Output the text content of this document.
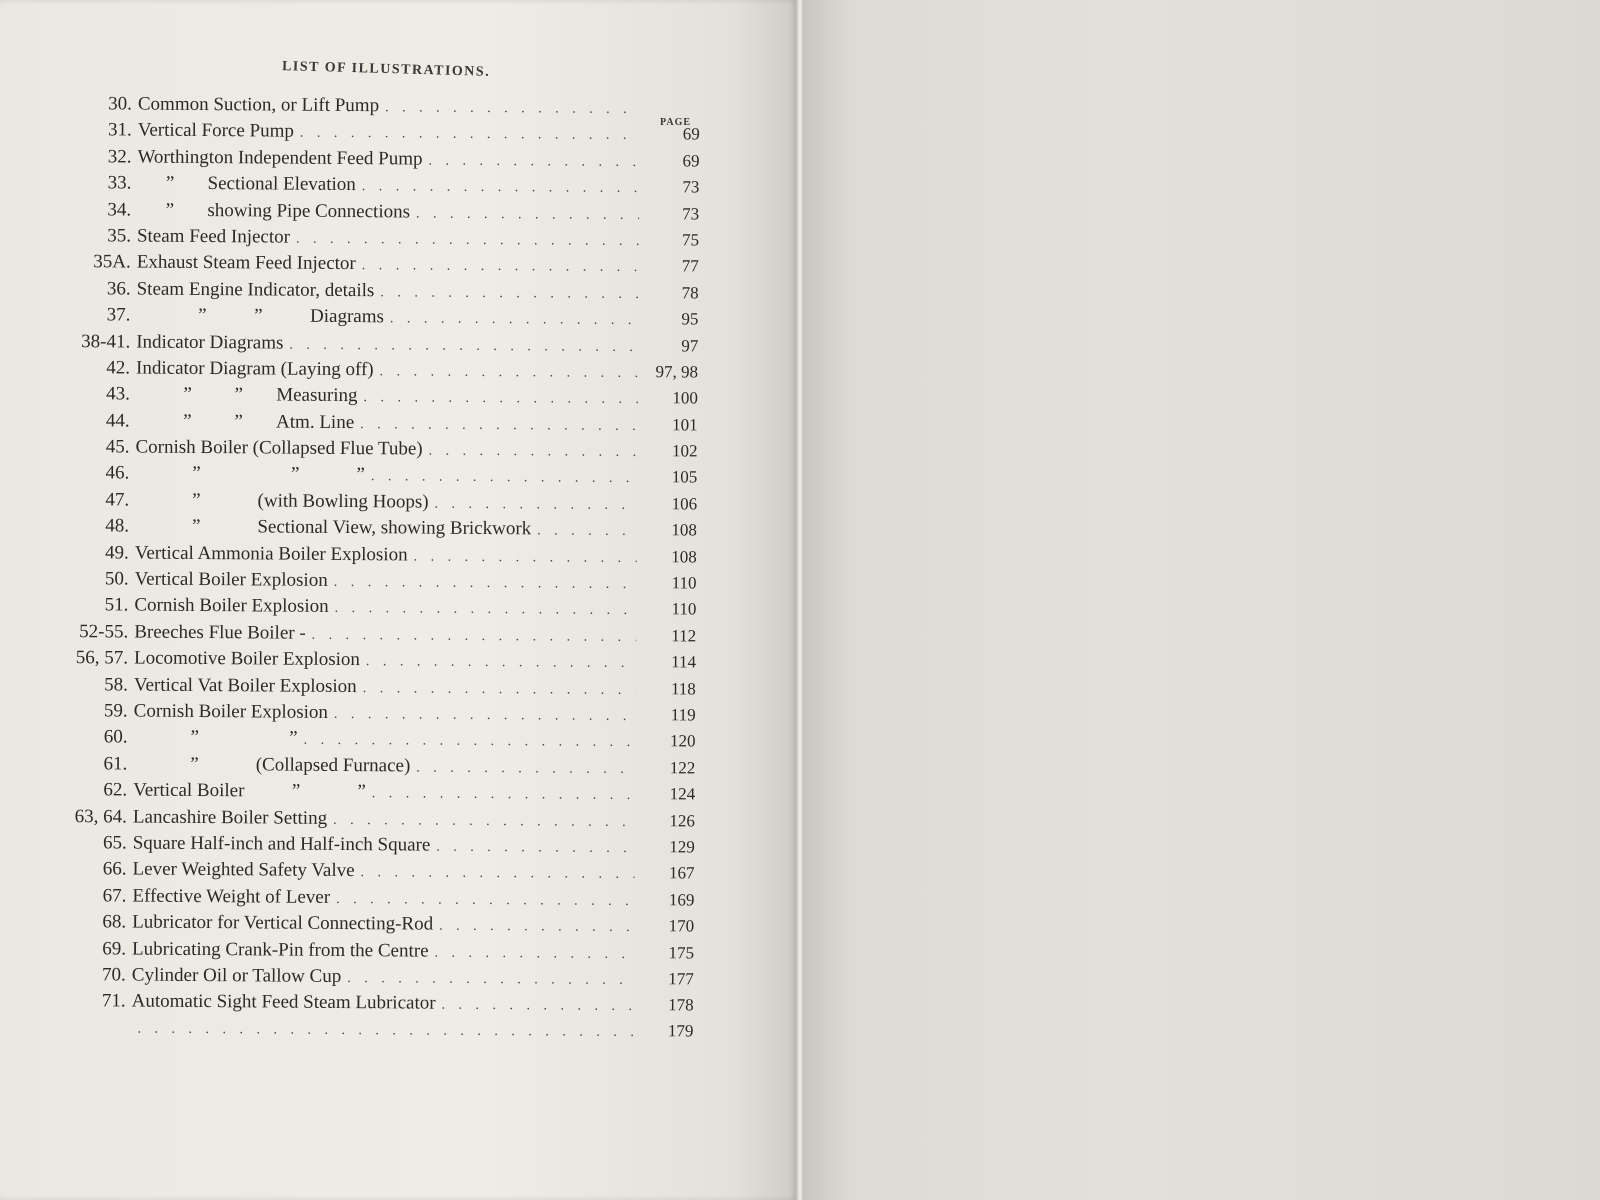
LIST OF ILLUSTRATIONS.
PAGE
30. Common Suction, or Lift Pump
. . .
31. Vertical Force Pump . . .	69
32. Worthington Independent Feed Pump . . .	69
33. ”       Sectional Elevation . . .	73
34. ”       showing Pipe Connections . . .	73
35. Steam Feed Injector . . .	75
35A. Exhaust Steam Feed Injector . . .	77
36. Steam Engine Indicator, details . . .	78
37. ”          ”          Diagrams . . .	95
38-41. Indicator Diagrams . . .	97
42. Indicator Diagram (Laying off) . . .	97, 98
43. ”         ”       Measuring . . .	100
44. ”         ”       Atm. Line . . .	101
45. Cornish Boiler (Collapsed Flue Tube) . . .	102
46. ”                   ”            ” . . .	105
47. ”            (with Bowling Hoops) . . .	106
48. ”            Sectional View, showing Brickwork . . .	108
49. Vertical Ammonia Boiler Explosion . . .	108
50. Vertical Boiler Explosion . . .	110
51. Cornish Boiler Explosion . . .	110
52-55. Breeches Flue Boiler - . . .	112
56, 57. Locomotive Boiler Explosion . . .	114
58. Vertical Vat Boiler Explosion . . .	118
59. Cornish Boiler Explosion . . .	119
60. ”                   ” . . .	120
61. ”            (Collapsed Furnace) . . .	122
62. Vertical Boiler          ”            ” . . .	124
63, 64. Lancashire Boiler Setting . . .	126
65. Square Half-inch and Half-inch Square . . .	129
66. Lever Weighted Safety Valve . . .	167
67. Effective Weight of Lever . . .	169
68. Lubricator for Vertical Connecting-Rod . . .	170
69. Lubricating Crank-Pin from the Centre . . .	175
70. Cylinder Oil or Tallow Cup . . .	177
71. Automatic Sight Feed Steam Lubricator . . .	178
. . .
179
